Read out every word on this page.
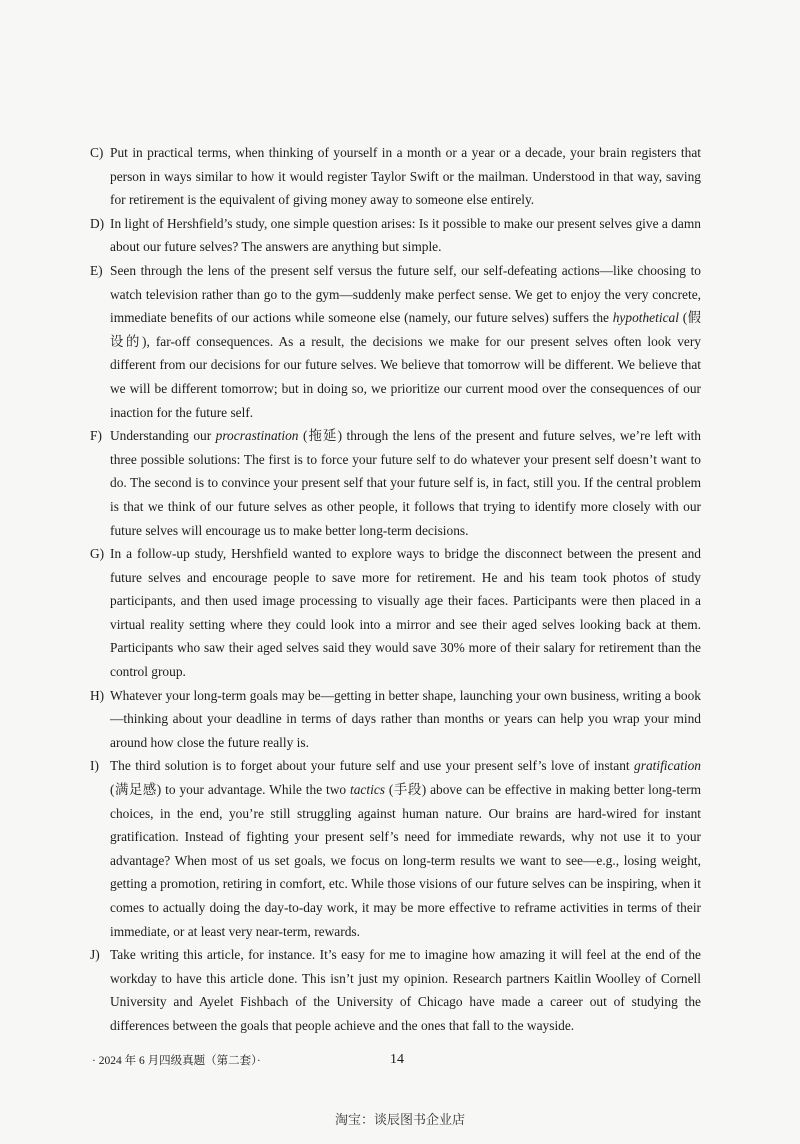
C) Put in practical terms, when thinking of yourself in a month or a year or a decade, your brain registers that person in ways similar to how it would register Taylor Swift or the mailman. Understood in that way, saving for retirement is the equivalent of giving money away to someone else entirely.
D) In light of Hershfield’s study, one simple question arises: Is it possible to make our present selves give a damn about our future selves? The answers are anything but simple.
E) Seen through the lens of the present self versus the future self, our self-defeating actions—like choosing to watch television rather than go to the gym—suddenly make perfect sense. We get to enjoy the very concrete, immediate benefits of our actions while someone else (namely, our future selves) suffers the hypothetical (假设的), far-off consequences. As a result, the decisions we make for our present selves often look very different from our decisions for our future selves. We believe that tomorrow will be different. We believe that we will be different tomorrow; but in doing so, we prioritize our current mood over the consequences of our inaction for the future self.
F) Understanding our procrastination (拖延) through the lens of the present and future selves, we’re left with three possible solutions: The first is to force your future self to do whatever your present self doesn’t want to do. The second is to convince your present self that your future self is, in fact, still you. If the central problem is that we think of our future selves as other people, it follows that trying to identify more closely with our future selves will encourage us to make better long-term decisions.
G) In a follow-up study, Hershfield wanted to explore ways to bridge the disconnect between the present and future selves and encourage people to save more for retirement. He and his team took photos of study participants, and then used image processing to visually age their faces. Participants were then placed in a virtual reality setting where they could look into a mirror and see their aged selves looking back at them. Participants who saw their aged selves said they would save 30% more of their salary for retirement than the control group.
H) Whatever your long-term goals may be—getting in better shape, launching your own business, writing a book—thinking about your deadline in terms of days rather than months or years can help you wrap your mind around how close the future really is.
I) The third solution is to forget about your future self and use your present self’s love of instant gratification (满足感) to your advantage. While the two tactics (手段) above can be effective in making better long-term choices, in the end, you’re still struggling against human nature. Our brains are hard-wired for instant gratification. Instead of fighting your present self’s need for immediate rewards, why not use it to your advantage? When most of us set goals, we focus on long-term results we want to see—e.g., losing weight, getting a promotion, retiring in comfort, etc. While those visions of our future selves can be inspiring, when it comes to actually doing the day-to-day work, it may be more effective to reframe activities in terms of their immediate, or at least very near-term, rewards.
J) Take writing this article, for instance. It’s easy for me to imagine how amazing it will feel at the end of the workday to have this article done. This isn’t just my opinion. Research partners Kaitlin Woolley of Cornell University and Ayelet Fishbach of the University of Chicago have made a career out of studying the differences between the goals that people achieve and the ones that fall to the wayside.
· 2024 年 6 月四级真题（第二套）·	14
淘宝：谈辰图书企业店
